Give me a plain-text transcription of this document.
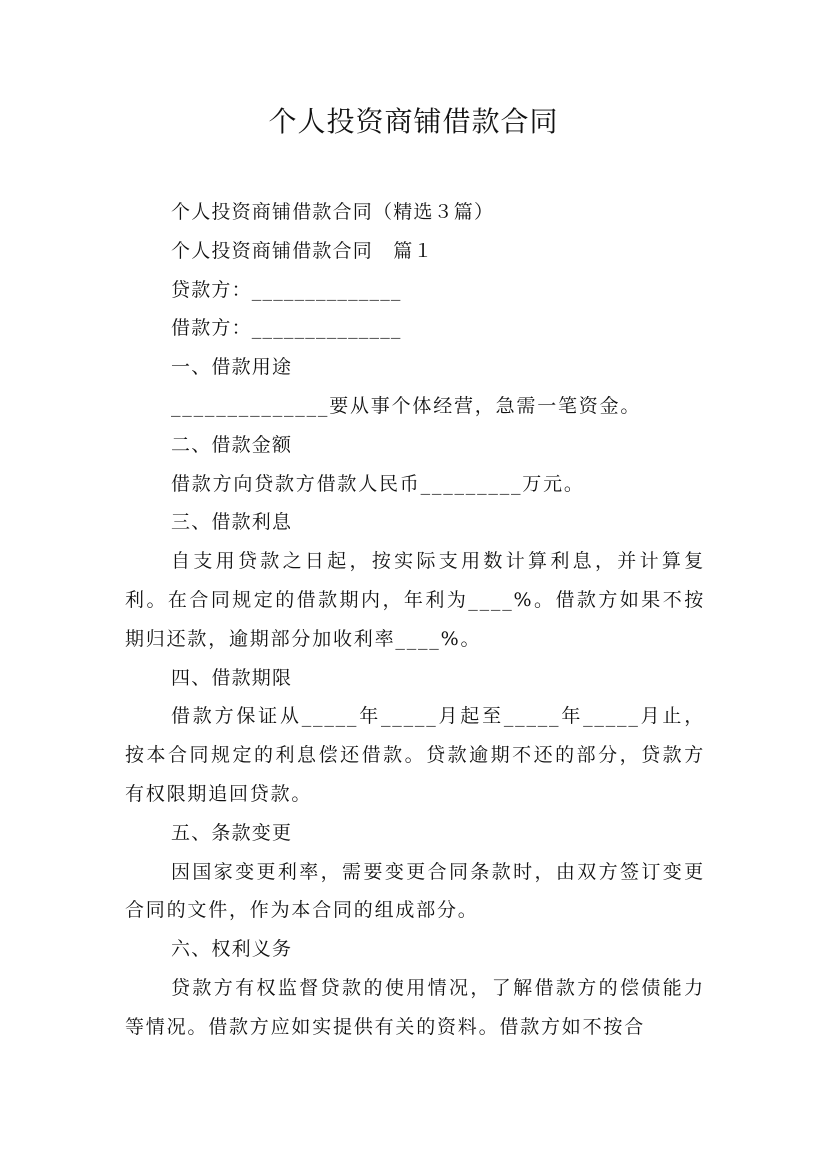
个人投资商铺借款合同

个人投资商铺借款合同（精选３篇）

个人投资商铺借款合同　篇１

贷款方：______________

借款方：______________

一、借款用途

______________要从事个体经营，急需一笔资金。

二、借款金额

借款方向贷款方借款人民币_________万元。

三、借款利息

自支用贷款之日起，按实际支用数计算利息，并计算复利。在合同规定的借款期内，年利为____%。借款方如果不按期归还款，逾期部分加收利率____%。

四、借款期限

借款方保证从_____年_____月起至_____年_____月止，按本合同规定的利息偿还借款。贷款逾期不还的部分，贷款方有权限期追回贷款。

五、条款变更

因国家变更利率，需要变更合同条款时，由双方签订变更合同的文件，作为本合同的组成部分。

六、权利义务

贷款方有权监督贷款的使用情况，了解借款方的偿债能力等情况。借款方应如实提供有关的资料。借款方如不按合
